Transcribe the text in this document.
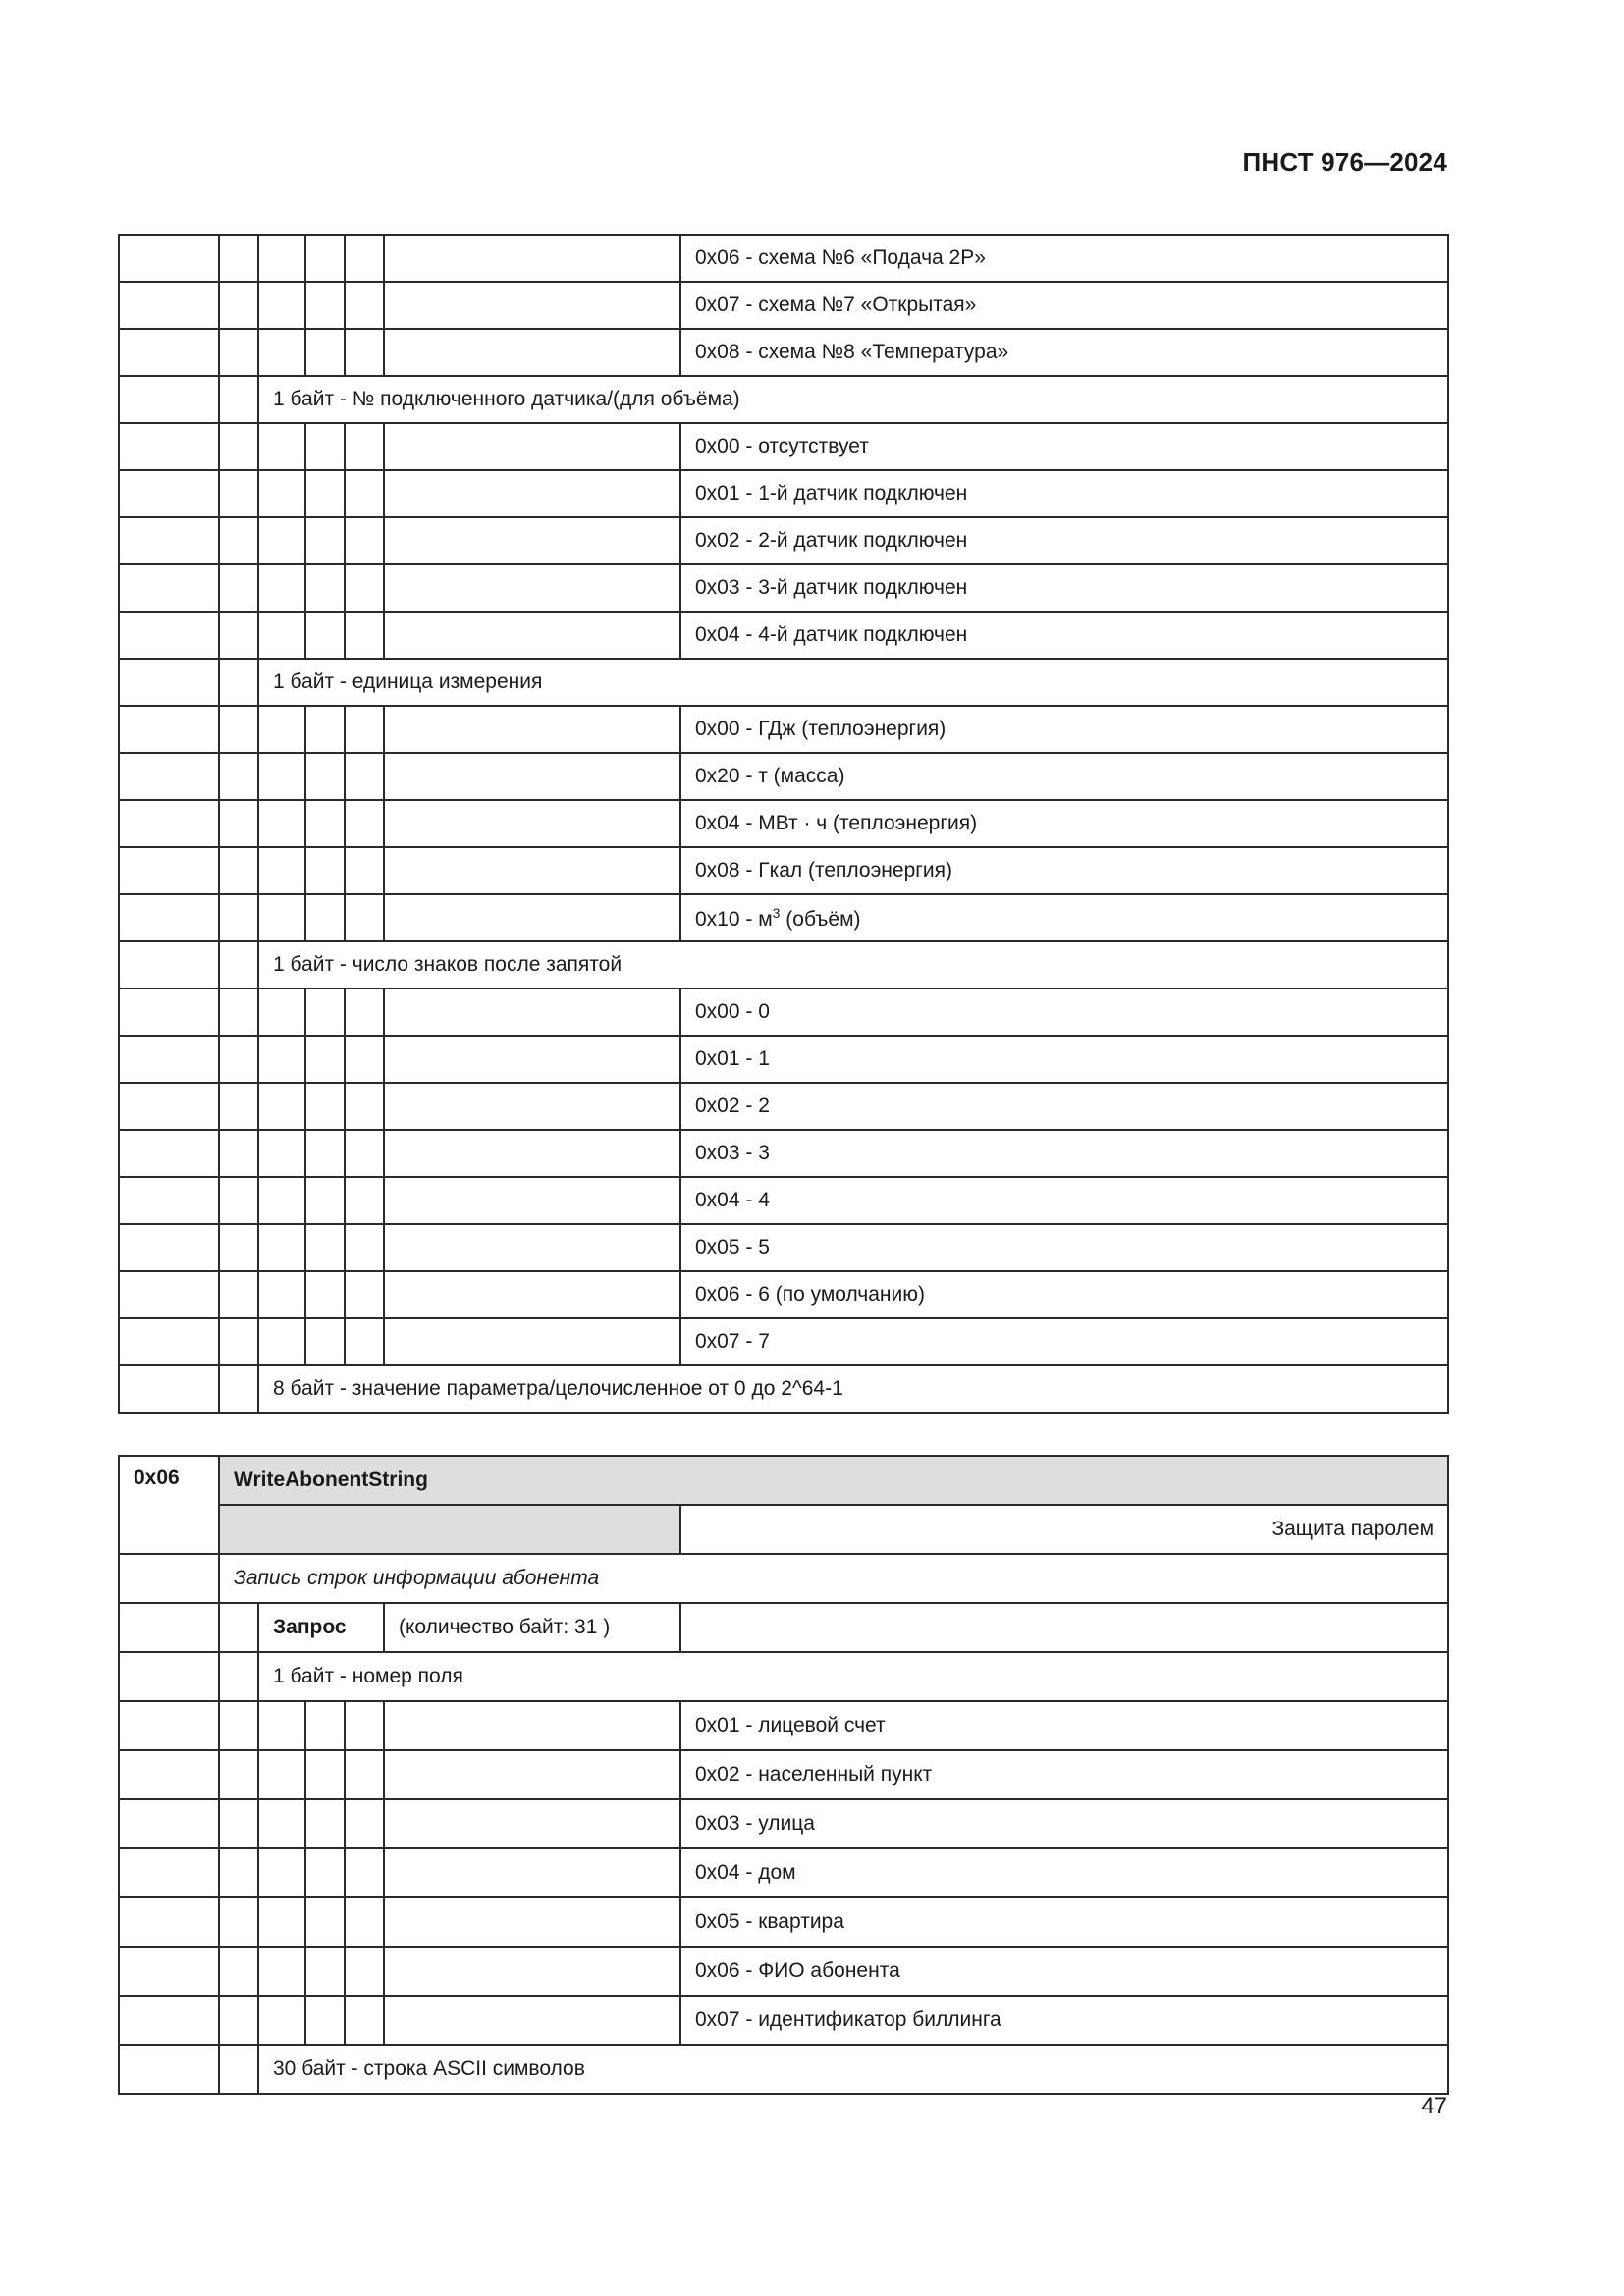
ПНСТ 976—2024
						0x06 - схема №6 «Подача 2P»
						0x07 - схема №7 «Открытая»
						0x08 - схема №8 «Температура»
		1 байт - № подключенного датчика/(для объёма)				
						0x00 - отсутствует
						0x01 - 1-й датчик подключен
						0x02 - 2-й датчик подключен
						0x03 - 3-й датчик подключен
						0x04 - 4-й датчик подключен
		1 байт - единица измерения				
						0x00 - ГДж (теплоэнергия)
						0x20 - т (масса)
						0x04 - МВт · ч (теплоэнергия)
						0x08 - Гкал (теплоэнергия)
						$0x10 - м^3$ (объём)
		1 байт - число знаков после запятой				
						0x00 - 0
						0x01 - 1
						0x02 - 2
						0x03 - 3
						0x04 - 4
						0x05 - 5
						0x06 - 6 (по умолчанию)
						0x07 - 7
		8 байт - значение параметра/целочисленное от 0 до 2^64-1				
0x06	WriteAbonentString					
						Защита паролем
	Запись строк информации абонента					
		Запрос			(количество байт: 31 )	
		1 байт - номер поля				
						0x01 - лицевой счет
						0x02 - населенный пункт
						0x03 - улица
						0x04 - дом
						0x05 - квартира
						0x06 - ФИО абонента
						0x07 - идентификатор биллинга
		30 байт - строка ASCII символов				
47
